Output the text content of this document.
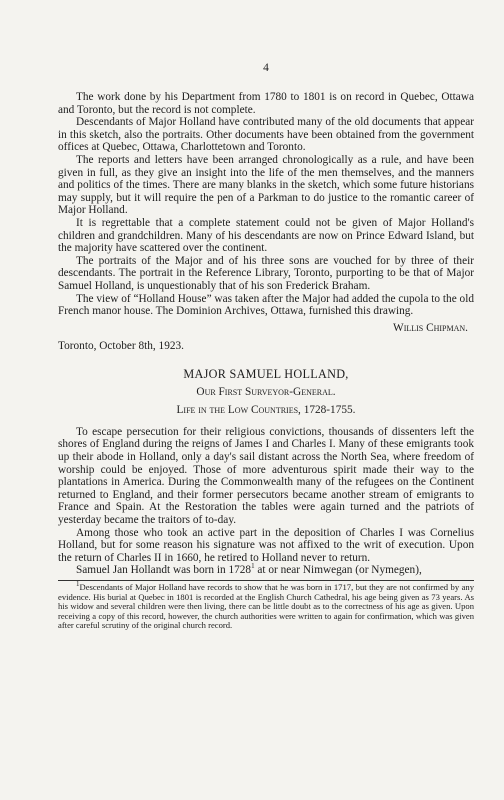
4

The work done by his Department from 1780 to 1801 is on record in Quebec, Ottawa and Toronto, but the record is not complete.

Descendants of Major Holland have contributed many of the old documents that appear in this sketch, also the portraits. Other documents have been obtained from the government offices at Quebec, Ottawa, Charlottetown and Toronto.

The reports and letters have been arranged chronologically as a rule, and have been given in full, as they give an insight into the life of the men themselves, and the manners and politics of the times. There are many blanks in the sketch, which some future historians may supply, but it will require the pen of a Parkman to do justice to the romantic career of Major Holland.

It is regrettable that a complete statement could not be given of Major Holland's children and grandchildren. Many of his descendants are now on Prince Edward Island, but the majority have scattered over the continent.

The portraits of the Major and of his three sons are vouched for by three of their descendants. The portrait in the Reference Library, Toronto, purporting to be that of Major Samuel Holland, is unquestionably that of his son Frederick Braham.

The view of “Holland House” was taken after the Major had added the cupola to the old French manor house. The Dominion Archives, Ottawa, furnished this drawing.

Willis Chipman.

Toronto, October 8th, 1923.

MAJOR SAMUEL HOLLAND,
Our First Surveyor-General.
Life in the Low Countries, 1728-1755.

To escape persecution for their religious convictions, thousands of dissenters left the shores of England during the reigns of James I and Charles I. Many of these emigrants took up their abode in Holland, only a day's sail distant across the North Sea, where freedom of worship could be enjoyed. Those of more adventurous spirit made their way to the plantations in America. During the Commonwealth many of the refugees on the Continent returned to England, and their former persecutors became another stream of emigrants to France and Spain. At the Restoration the tables were again turned and the patriots of yesterday became the traitors of to-day.

Among those who took an active part in the deposition of Charles I was Cornelius Holland, but for some reason his signature was not affixed to the writ of execution. Upon the return of Charles II in 1660, he retired to Holland never to return.

Samuel Jan Hollandt was born in 1728$^1$ at or near Nimwegan (or Nymegen),

$^1$Descendants of Major Holland have records to show that he was born in 1717, but they are not confirmed by any evidence. His burial at Quebec in 1801 is recorded at the English Church Cathedral, his age being given as 73 years. As his widow and several children were then living, there can be little doubt as to the correctness of his age as given. Upon receiving a copy of this record, however, the church authorities were written to again for confirmation, which was given after careful scrutiny of the original church record.
